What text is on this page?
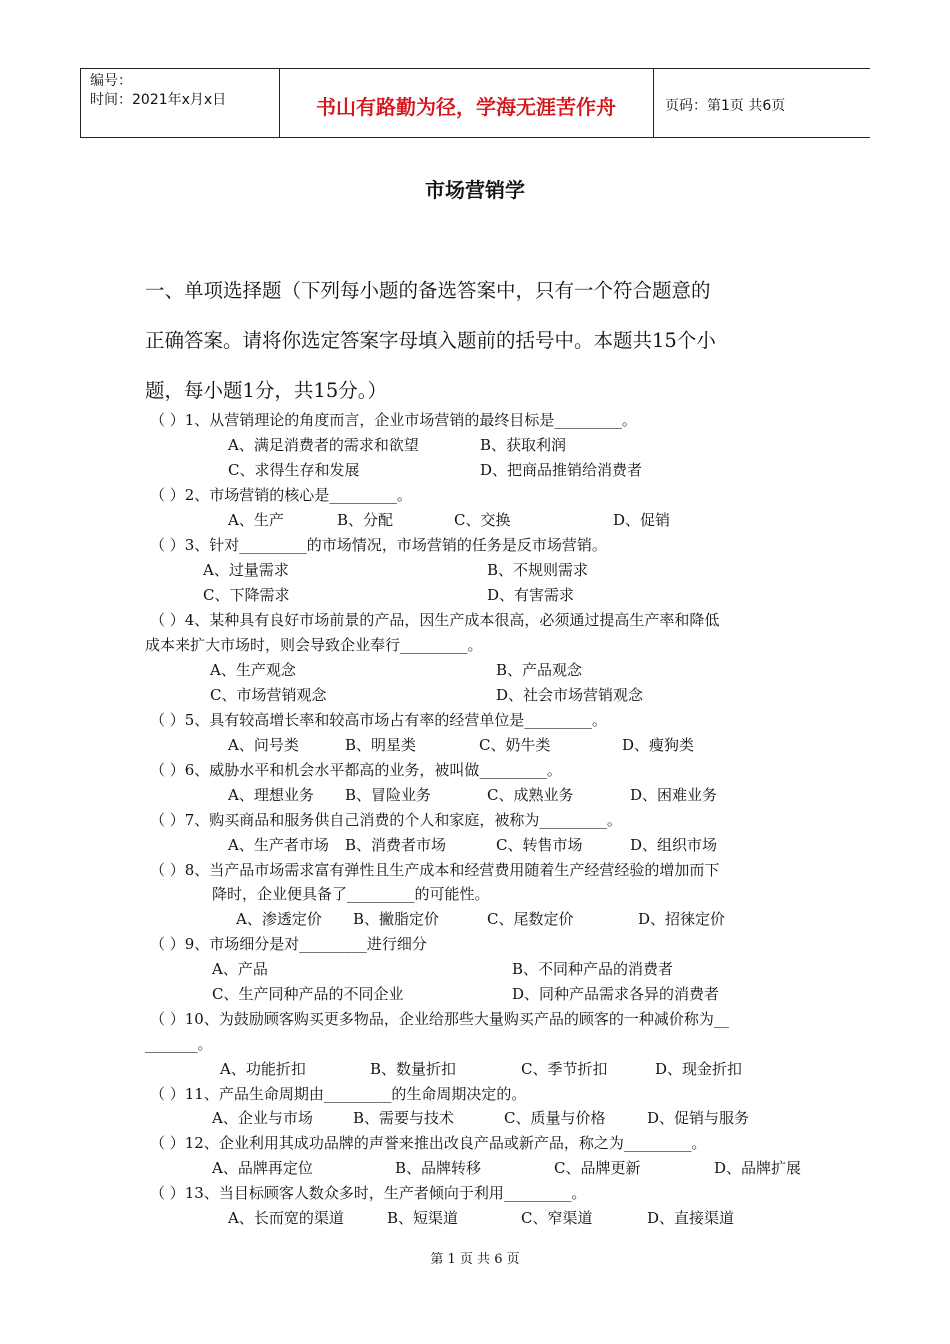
编号：
时间：2021年x月x日	书山有路勤为径，学海无涯苦作舟	页码：第1页 共6页
市场营销学
一、单项选择题（下列每小题的备选答案中，只有一个符合题意的
正确答案。请将你选定答案字母填入题前的括号中。本题共15个小
题，每小题1分，共15分。）
（ ）1、从营销理论的角度而言，企业市场营销的最终目标是_________。
A、满足消费者的需求和欲望	B、获取利润
C、求得生存和发展	D、把商品推销给消费者
（ ）2、市场营销的核心是_________。
A、生产	B、分配	C、交换	D、促销
（ ）3、针对_________的市场情况，市场营销的任务是反市场营销。
A、过量需求	B、不规则需求
C、下降需求	D、有害需求
（ ）4、某种具有良好市场前景的产品，因生产成本很高，必须通过提高生产率和降低
成本来扩大市场时，则会导致企业奉行_________。
A、生产观念	B、产品观念
C、市场营销观念	D、社会市场营销观念
（ ）5、具有较高增长率和较高市场占有率的经营单位是_________。
A、问号类	B、明星类	C、奶牛类	D、瘦狗类
（ ）6、威胁水平和机会水平都高的业务，被叫做_________。
A、理想业务 B、冒险业务	C、成熟业务	D、困难业务
（ ）7、购买商品和服务供自己消费的个人和家庭，被称为_________。
A、生产者市场 B、消费者市场	C、转售市场	D、组织市场
（ ）8、当产品市场需求富有弹性且生产成本和经营费用随着生产经营经验的增加而下
降时，企业便具备了_________的可能性。
A、渗透定价 B、撇脂定价	C、尾数定价	D、招徕定价
（ ）9、市场细分是对_________进行细分
A、产品	B、不同种产品的消费者
C、生产同种产品的不同企业	D、同种产品需求各异的消费者
（ ）10、为鼓励顾客购买更多物品，企业给那些大量购买产品的顾客的一种减价称为__
_______。
A、功能折扣	B、数量折扣	C、季节折扣	D、现金折扣
（ ）11、产品生命周期由_________的生命周期决定的。
A、企业与市场	B、需要与技术	C、质量与价格	D、促销与服务
（ ）12、企业利用其成功品牌的声誉来推出改良产品或新产品，称之为_________。
A、品牌再定位	B、品牌转移	C、品牌更新	D、品牌扩展
（ ）13、当目标顾客人数众多时，生产者倾向于利用_________。
A、长而宽的渠道	B、短渠道	C、窄渠道	D、直接渠道
第 1 页 共 6 页
